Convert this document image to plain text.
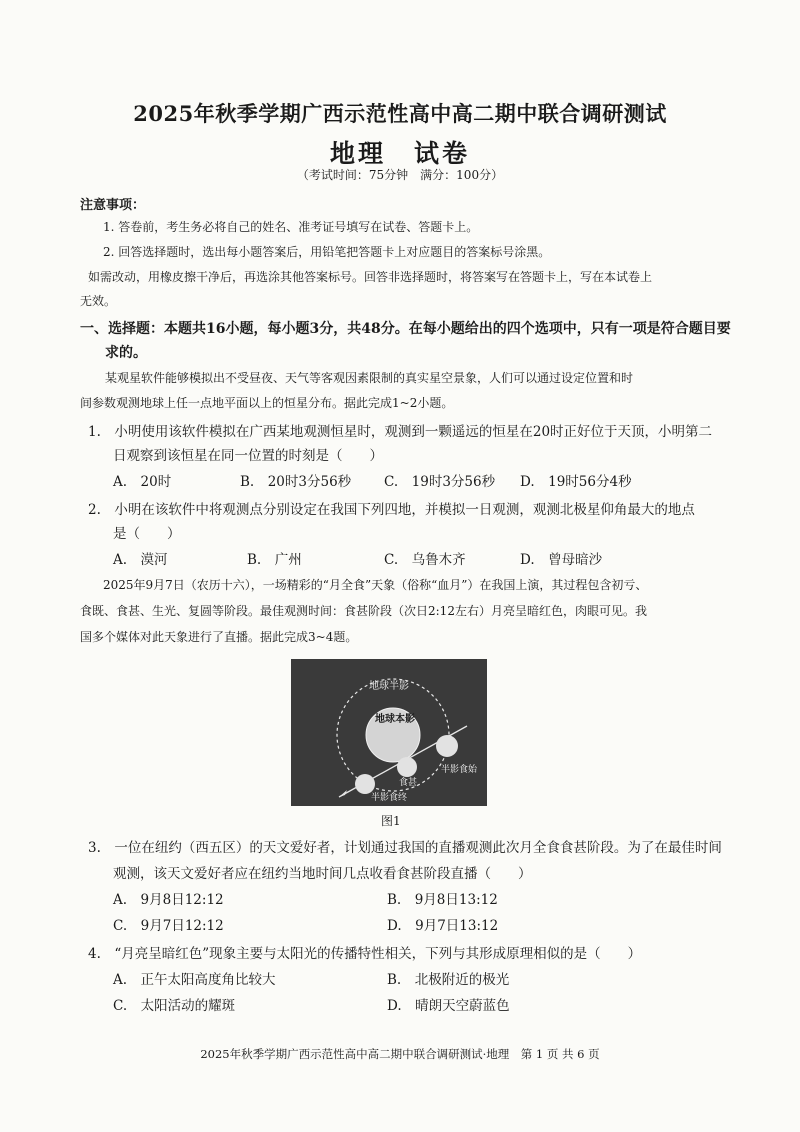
2025年秋季学期广西示范性高中高二期中联合调研测试
地理　试卷
（考试时间：75分钟　满分：100分）
注意事项：
1. 答卷前，考生务必将自己的姓名、准考证号填写在试卷、答题卡上。
2. 回答选择题时，选出每小题答案后，用铅笔把答题卡上对应题目的答案标号涂黑。
如需改动，用橡皮擦干净后，再选涂其他答案标号。回答非选择题时，将答案写在答题卡上，写在本试卷上
无效。
一、选择题：本题共16小题，每小题3分，共48分。在每小题给出的四个选项中，只有一项是符合题目要
求的。
某观星软件能够模拟出不受昼夜、天气等客观因素限制的真实星空景象，人们可以通过设定位置和时
间参数观测地球上任一点地平面以上的恒星分布。据此完成1~2小题。
1.　小明使用该软件模拟在广西某地观测恒星时，观测到一颗遥远的恒星在20时正好位于天顶，小明第二
日观察到该恒星在同一位置的时刻是（　　）
A.　20时	B.　20时3分56秒 C.　19时3分56秒 D.　19时56分4秒
2.　小明在该软件中将观测点分别设定在我国下列四地，并模拟一日观测，观测北极星仰角最大的地点
是（　　）
A.　漠河	B.　广州	C.　乌鲁木齐	D.　曾母暗沙
2025年9月7日（农历十六），一场精彩的“月全食”天象（俗称“血月”）在我国上演，其过程包含初亏、
食既、食甚、生光、复圆等阶段。最佳观测时间：食甚阶段（次日2:12左右）月亮呈暗红色，肉眼可见。我
国多个媒体对此天象进行了直播。据此完成3~4题。
地球半影
地球本影
食甚
半影食始
半影食终
图1
3.　一位在纽约（西五区）的天文爱好者，计划通过我国的直播观测此次月全食食甚阶段。为了在最佳时间
观测，该天文爱好者应在纽约当地时间几点收看食甚阶段直播（　　）
A.　9月8日12:12	B.　9月8日13:12
C.　9月7日12:12	D.　9月7日13:12
4.　“月亮呈暗红色”现象主要与太阳光的传播特性相关，下列与其形成原理相似的是（　　）
A.　正午太阳高度角比较大	B.　北极附近的极光
C.　太阳活动的耀斑	D.　晴朗天空蔚蓝色
2025年秋季学期广西示范性高中高二期中联合调研测试·地理　第 1 页 共 6 页
